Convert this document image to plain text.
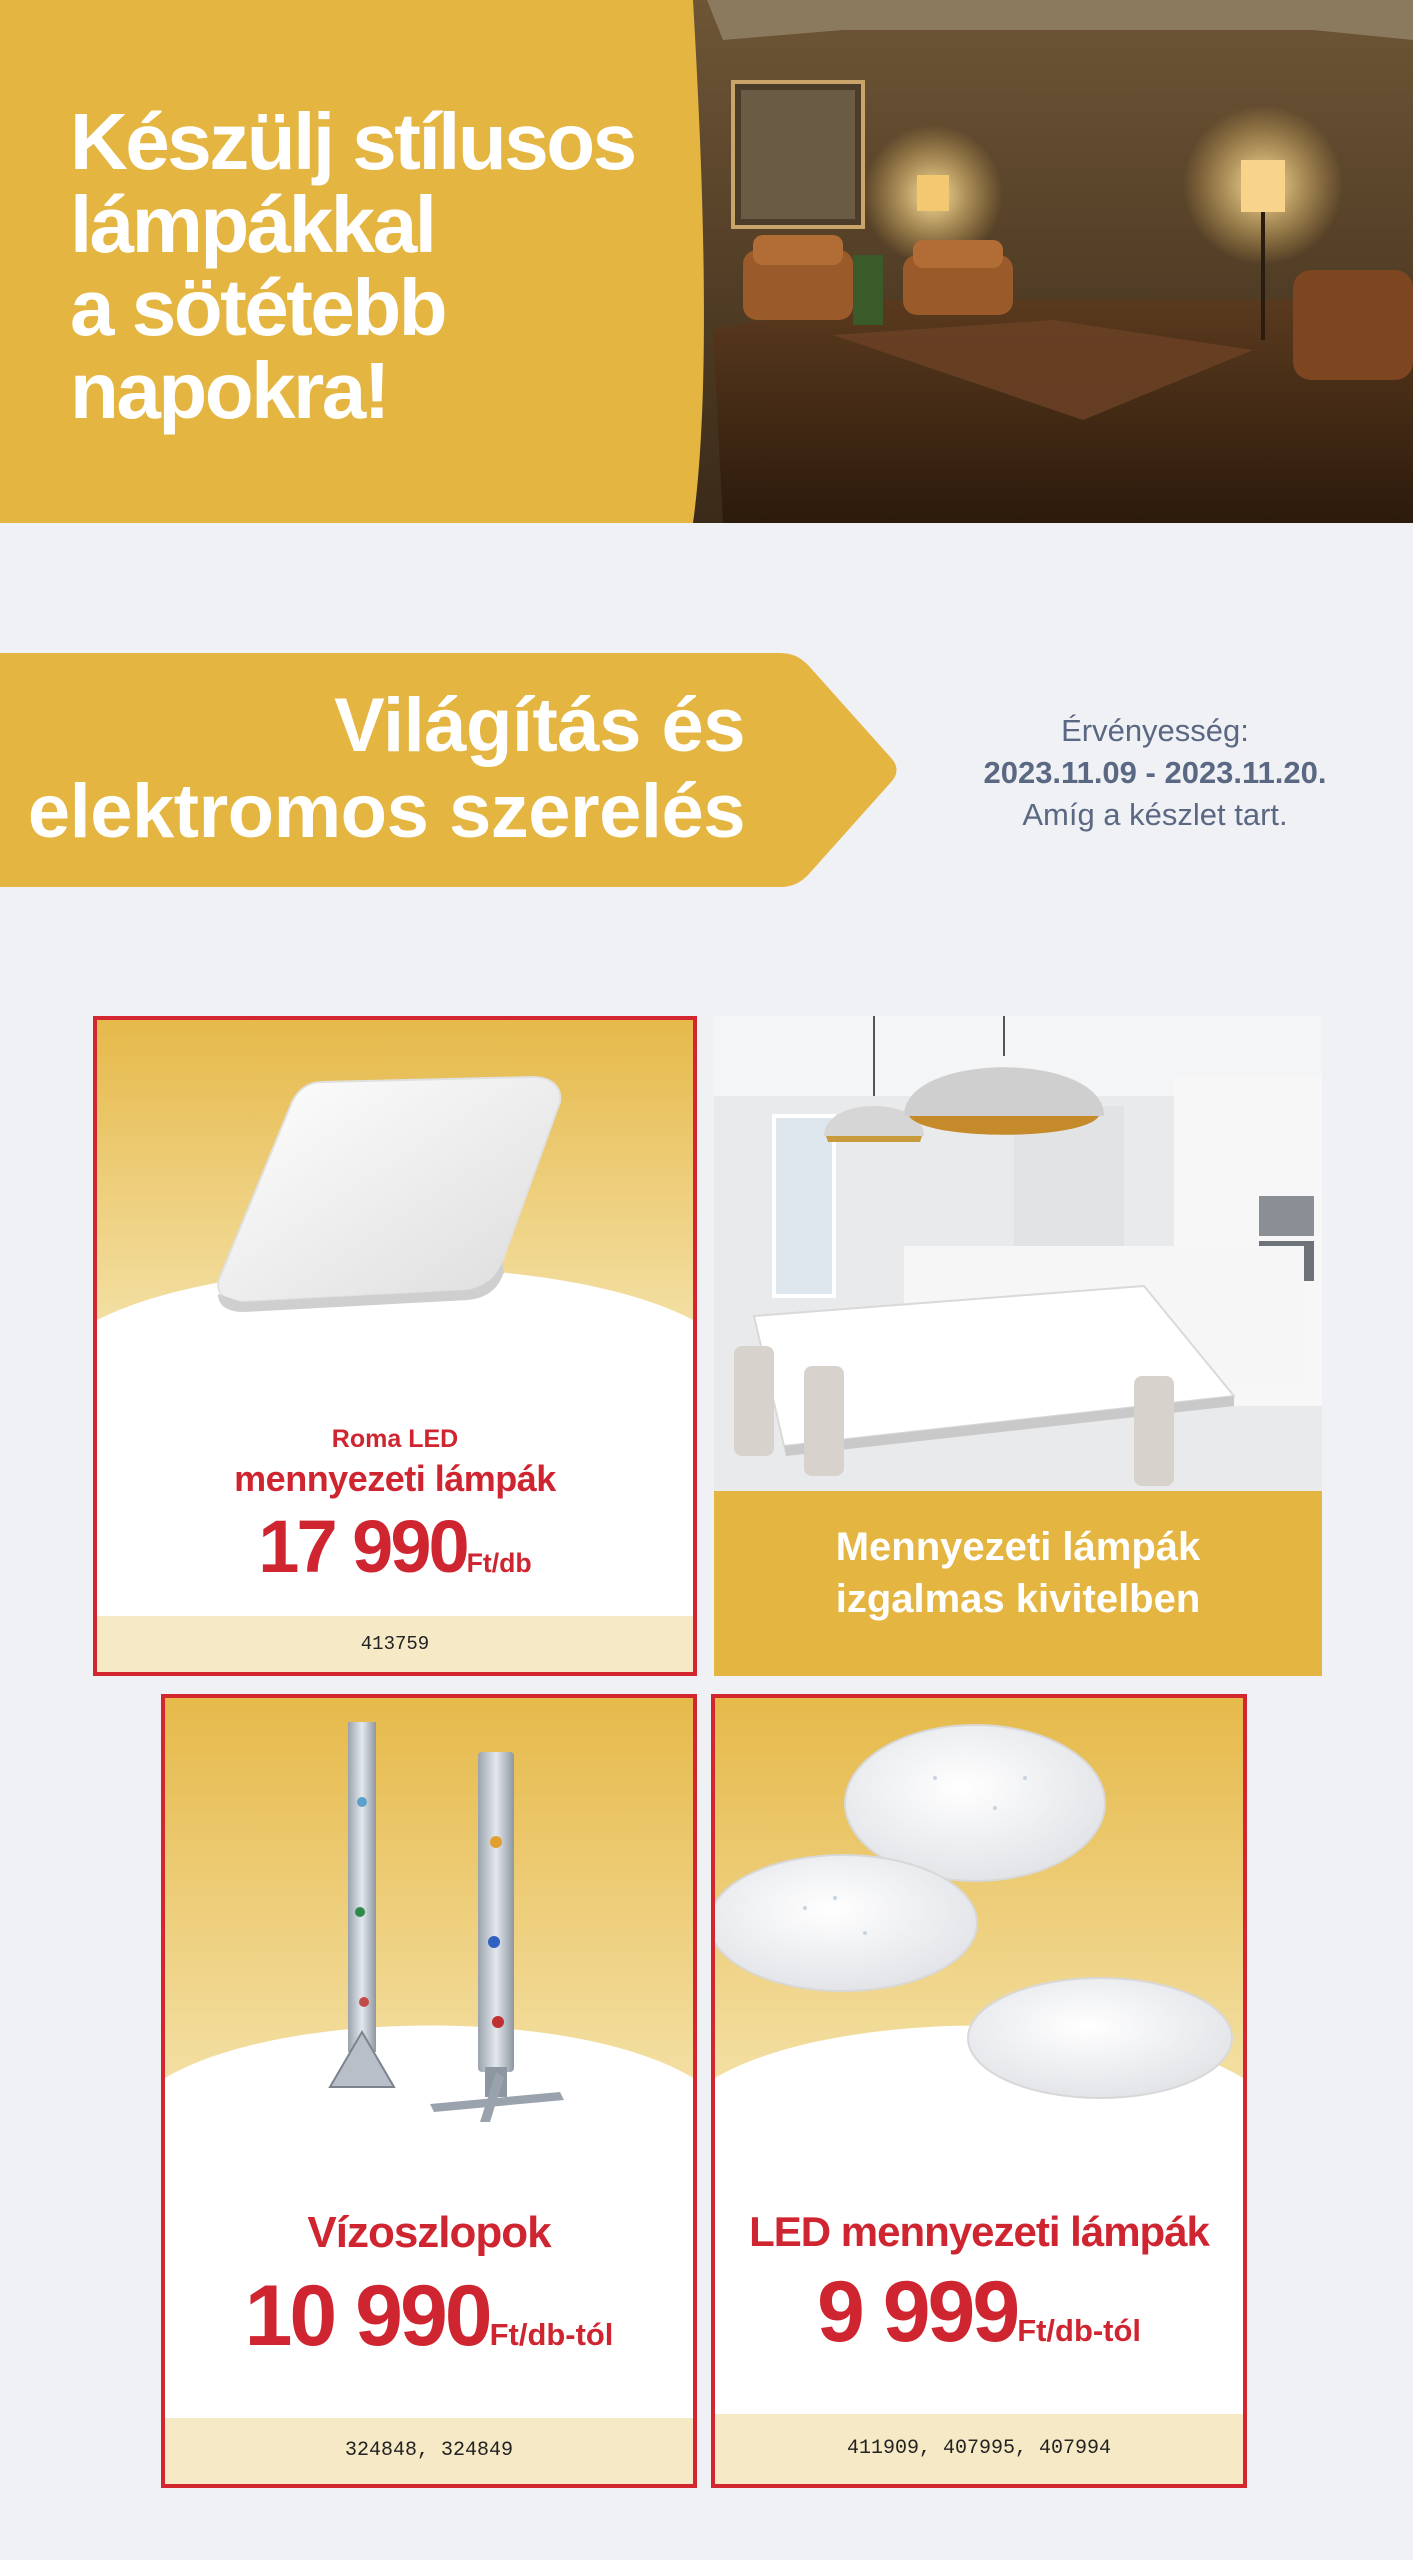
Készülj stílusos
lámpákkal
a sötétebb
napokra!
Világítás és
elektromos szerelés
Érvényesség:
2023.11.09 - 2023.11.20.
Amíg a készlet tart.
Roma LED
mennyezeti lámpák
17 990Ft/db
413759
Mennyezeti lámpák
izgalmas kivitelben
Vízoszlopok
10 990Ft/db-tól
324848, 324849
LED mennyezeti lámpák
9 999Ft/db-tól
411909, 407995, 407994
